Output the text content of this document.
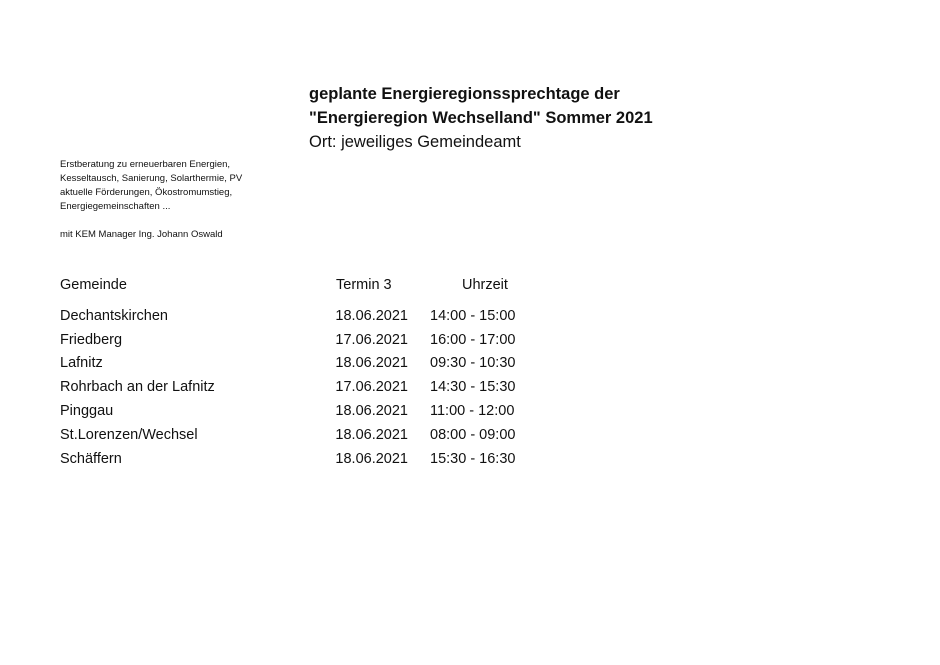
geplante Energieregionssprechtage der
"Energieregion Wechselland" Sommer 2021
Ort: jeweiliges Gemeindeamt
Erstberatung zu erneuerbaren Energien,
Kesseltausch, Sanierung, Solarthermie, PV
aktuelle Förderungen, Ökostromumstieg,
Energiegemeinschaften ...
mit KEM Manager Ing. Johann Oswald
Gemeinde	Termin 3	Uhrzeit
Dechantskirchen	18.06.2021 14:00 - 15:00
Friedberg	17.06.2021 16:00 - 17:00
Lafnitz	18.06.2021 09:30 - 10:30
Rohrbach an der Lafnitz	17.06.2021 14:30 - 15:30
Pinggau	18.06.2021 11:00 - 12:00
St.Lorenzen/Wechsel	18.06.2021 08:00 - 09:00
Schäffern	18.06.2021 15:30 - 16:30
